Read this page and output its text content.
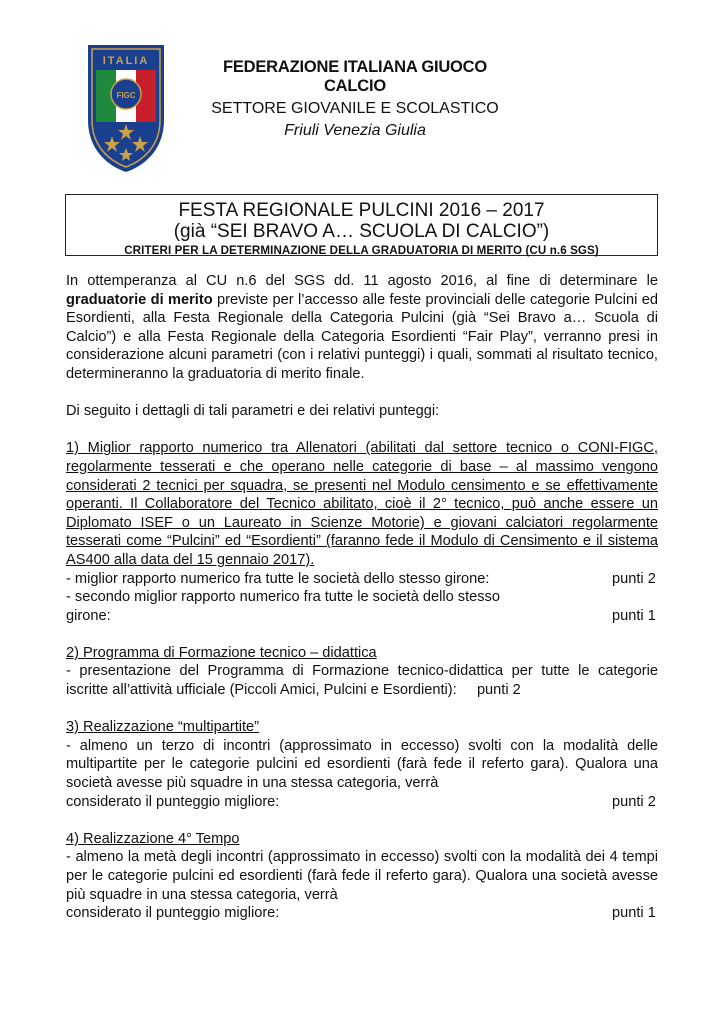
ITALIA
FIGC
FEDERAZIONE ITALIANA GIUOCO CALCIO
SETTORE GIOVANILE E SCOLASTICO
Friuli Venezia Giulia
FESTA REGIONALE PULCINI 2016 – 2017
(già “SEI BRAVO A… SCUOLA DI CALCIO”)
CRITERI PER LA DETERMINAZIONE DELLA GRADUATORIA DI MERITO (CU n.6 SGS)
In ottemperanza al CU n.6 del SGS dd. 11 agosto 2016, al fine di determinare le graduatorie di merito previste per l’accesso alle feste provinciali delle categorie Pulcini ed Esordienti, alla Festa Regionale della Categoria Pulcini (già “Sei Bravo a… Scuola di Calcio”) e alla Festa Regionale della Categoria Esordienti “Fair Play”, verranno presi in considerazione alcuni parametri (con i relativi punteggi) i quali, sommati al risultato tecnico, determineranno la graduatoria di merito finale.
Di seguito i dettagli di tali parametri e dei relativi punteggi:
1) Miglior rapporto numerico tra Allenatori (abilitati dal settore tecnico o CONI-FIGC, regolarmente tesserati e che operano nelle categorie di base – al massimo vengono considerati 2 tecnici per squadra, se presenti nel Modulo censimento e se effettivamente operanti. Il Collaboratore del Tecnico abilitato, cioè il 2° tecnico, può anche essere un Diplomato ISEF o un Laureato in Scienze Motorie) e giovani calciatori regolarmente tesserati come “Pulcini” ed “Esordienti” (faranno fede il Modulo di Censimento e il sistema AS400 alla data del 15 gennaio 2017).
- miglior rapporto numerico fra tutte le società dello stesso girone:	punti 2
- secondo miglior rapporto numerico fra tutte le società dello stesso
girone:	punti 1
2) Programma di Formazione tecnico – didattica
- presentazione del Programma di Formazione tecnico-didattica per tutte le categorie iscritte all’attività ufficiale (Piccoli Amici, Pulcini e Esordienti): punti 2
3) Realizzazione “multipartite”
- almeno un terzo di incontri (approssimato in eccesso) svolti con la modalità delle multipartite per le categorie pulcini ed esordienti (farà fede il referto gara). Qualora una società avesse più squadre in una stessa categoria, verrà
considerato il punteggio migliore:	punti 2
4) Realizzazione 4° Tempo
- almeno la metà degli incontri (approssimato in eccesso) svolti con la modalità dei 4 tempi per le categorie pulcini ed esordienti (farà fede il referto gara). Qualora una società avesse più squadre in una stessa categoria, verrà
considerato il punteggio migliore:	punti 1
